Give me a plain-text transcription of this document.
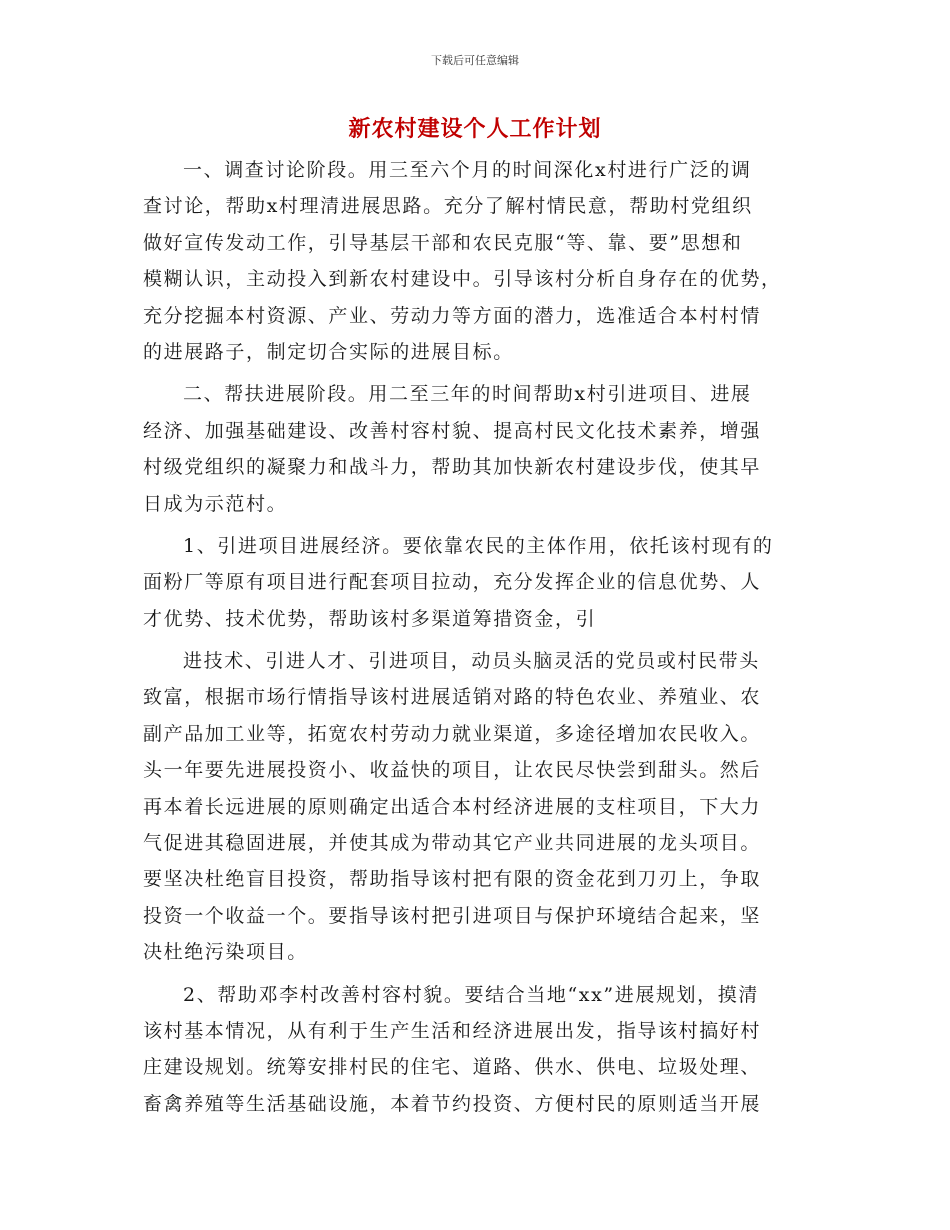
下载后可任意编辑
新农村建设个人工作计划
一、调查讨论阶段。用三至六个月的时间深化x村进行广泛的调
查讨论，帮助x村理清进展思路。充分了解村情民意，帮助村党组织
做好宣传发动工作，引导基层干部和农民克服“等、靠、要”思想和
模糊认识，主动投入到新农村建设中。引导该村分析自身存在的优势，
充分挖掘本村资源、产业、劳动力等方面的潜力，选准适合本村村情
的进展路子，制定切合实际的进展目标。
二、帮扶进展阶段。用二至三年的时间帮助x村引进项目、进展
经济、加强基础建设、改善村容村貌、提高村民文化技术素养，增强
村级党组织的凝聚力和战斗力，帮助其加快新农村建设步伐，使其早
日成为示范村。
1、引进项目进展经济。要依靠农民的主体作用，依托该村现有的
面粉厂等原有项目进行配套项目拉动，充分发挥企业的信息优势、人
才优势、技术优势，帮助该村多渠道筹措资金，引
进技术、引进人才、引进项目，动员头脑灵活的党员或村民带头
致富，根据市场行情指导该村进展适销对路的特色农业、养殖业、农
副产品加工业等，拓宽农村劳动力就业渠道，多途径增加农民收入。
头一年要先进展投资小、收益快的项目，让农民尽快尝到甜头。然后
再本着长远进展的原则确定出适合本村经济进展的支柱项目，下大力
气促进其稳固进展，并使其成为带动其它产业共同进展的龙头项目。
要坚决杜绝盲目投资，帮助指导该村把有限的资金花到刀刃上，争取
投资一个收益一个。要指导该村把引进项目与保护环境结合起来，坚
决杜绝污染项目。
2、帮助邓李村改善村容村貌。要结合当地“xx”进展规划，摸清
该村基本情况，从有利于生产生活和经济进展出发，指导该村搞好村
庄建设规划。统筹安排村民的住宅、道路、供水、供电、垃圾处理、
畜禽养殖等生活基础设施，本着节约投资、方便村民的原则适当开展
